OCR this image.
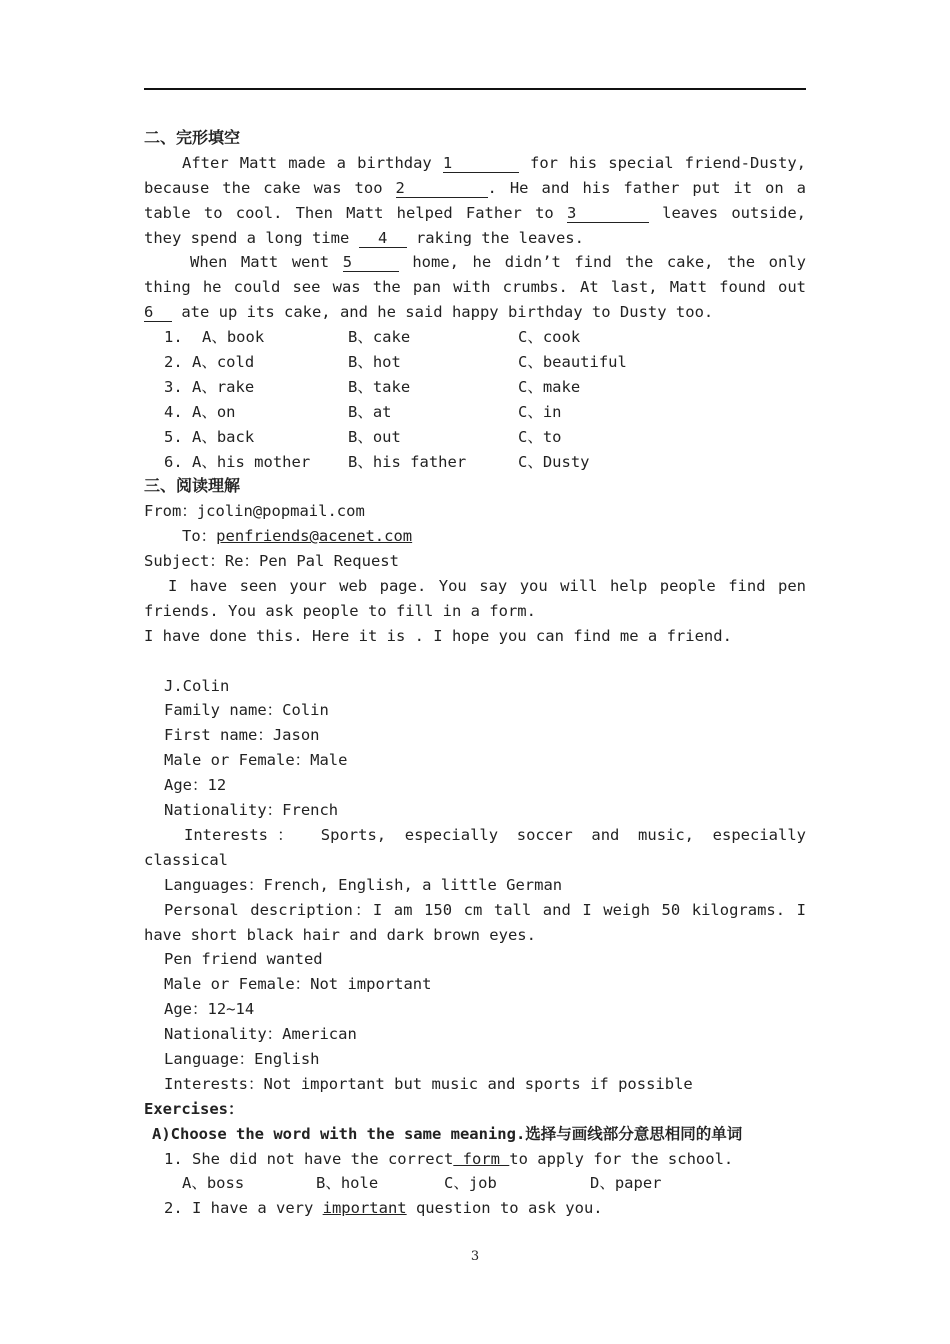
二、完形填空
After Matt made a birthday 1	for his special friend-Dusty,
because the cake was too 2	. He and his father put it on a
table to cool. Then Matt helped Father to 3	leaves outside,
they spend a long time 4 raking the leaves.
When Matt went 5	home, he didn’t find the cake, the only
thing he could see was the pan with crumbs. At last, Matt found out
6 ate up its cake, and he said happy birthday to Dusty too.
1. A、book	B、cake	C、cook
2. A、cold	B、hot	C、beautiful
3. A、rake	B、take	C、make
4. A、on	B、at	C、in
5. A、back	B、out	C、to
6. A、his mother B、his father	C、Dusty
三、阅读理解
From：jcolin@popmail.com
To：penfriends@acenet.com
Subject：Re：Pen Pal Request
I have seen your web page. You say you will help people find pen
friends. You ask people to fill in a form.
I have done this. Here it is . I hope you can find me a friend.
J.Colin
Family name：Colin
First name：Jason
Male or Female：Male
Age：12
Nationality：French
Interests： Sports, especially soccer and music, especially
classical
Languages：French, English, a little German
Personal description：I am 150 cm tall and I weigh 50 kilograms. I
have short black hair and dark brown eyes.
Pen friend wanted
Male or Female：Not important
Age：12~14
Nationality：American
Language：English
Interests：Not important but music and sports if possible
Exercises：
A)Choose the word with the same meaning.选择与画线部分意思相同的单词
1. She did not have the correct form to apply for the school.
A、boss	B、hole	C、job	D、paper
2. I have a very important question to ask you.
3
